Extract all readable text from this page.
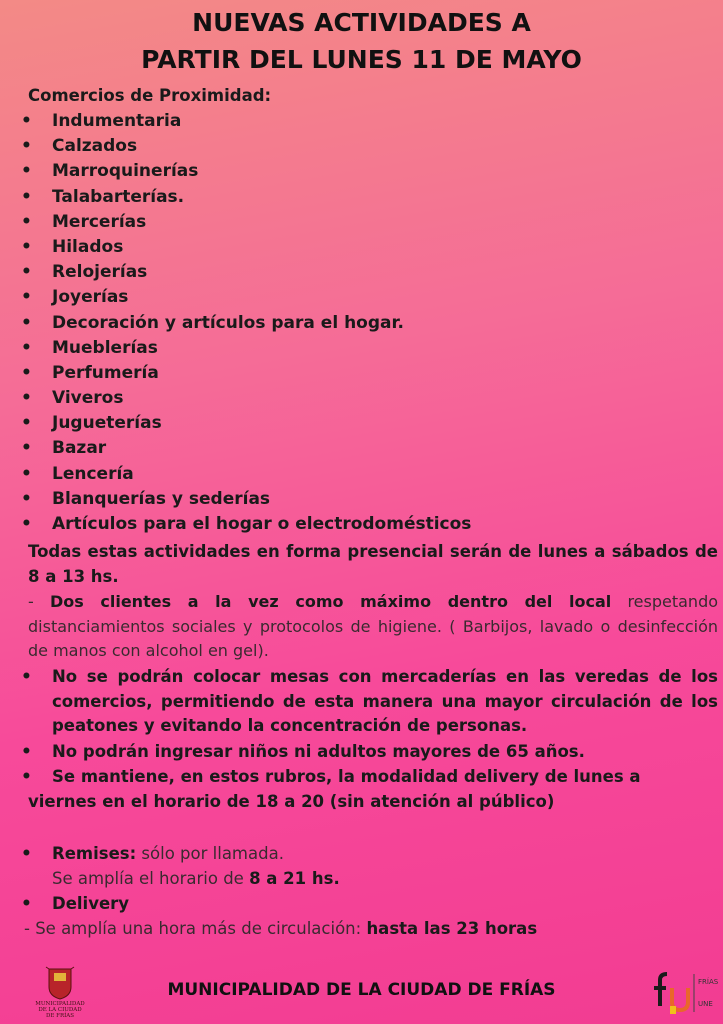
NUEVAS ACTIVIDADES A
PARTIR DEL LUNES 11 DE MAYO
Comercios de Proximidad:
• Indumentaria
• Calzados
• Marroquinerías
• Talabarterías.
• Mercerías
• Hilados
• Relojerías
• Joyerías
• Decoración y artículos para el hogar.
• Mueblerías
• Perfumería
• Viveros
• Jugueterías
• Bazar
• Lencería
• Blanquerías y sederías
• Artículos para el hogar o electrodomésticos
Todas estas actividades en forma presencial serán de lunes a sábados de 8 a 13 hs.
- Dos clientes a la vez como máximo dentro del local respetando distanciamientos sociales y protocolos de higiene. ( Barbijos, lavado o desinfección de manos con alcohol en gel).
• No se podrán colocar mesas con mercaderías en las veredas de los comercios, permitiendo de esta manera una mayor circulación de los peatones y evitando la concentración de personas.
• No podrán ingresar niños ni adultos mayores de 65 años.
• Se mantiene, en estos rubros, la modalidad delivery de lunes a
viernes en el horario de 18 a 20 (sin atención al público)
• Remises: sólo por llamada.
Se amplía el horario de 8 a 21 hs.
• Delivery
- Se amplía una hora más de circulación: hasta las 23 horas
MUNICIPALIDAD DE LA CIUDAD DE FRÍAS
MUNICIPALIDAD
DE LA CIUDAD
DE FRÍAS
FRÍAS
UNE
